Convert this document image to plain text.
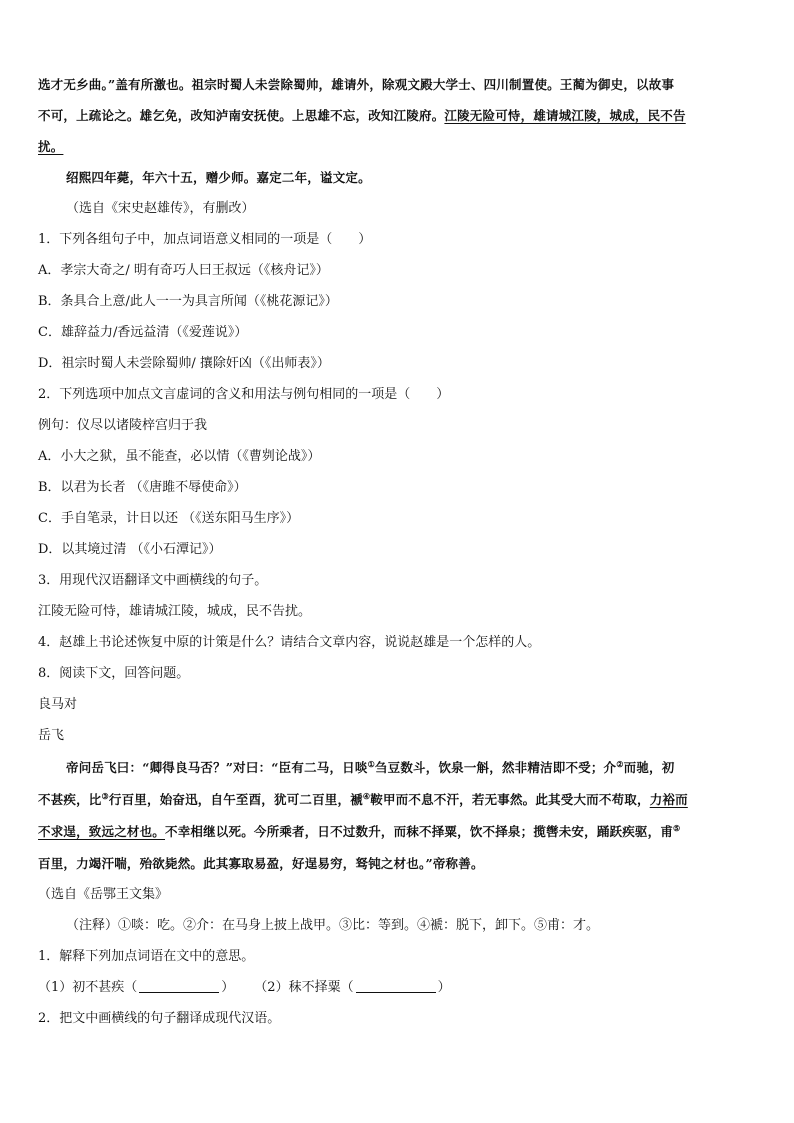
选才无乡曲。”盖有所激也。祖宗时蜀人未尝除蜀帅，雄请外，除观文殿大学士、四川制置使。王蔺为御史，以故事

不可，上疏论之。雄乞免，改知泸南安抚使。上思雄不忘，改知江陵府。江陵无险可恃，雄请城江陵，城成，民不告

扰。

绍熙四年薨，年六十五，赠少师。嘉定二年，谥文定。

（选自《宋史赵雄传》，有删改）

1．下列各组句子中，加点词语意义相同的一项是（　　）

A．孝宗大奇之/ 明有奇巧人曰王叔远（《核舟记》）

B．条具合上意/此人一一为具言所闻（《桃花源记》）

C．雄辞益力/香远益清（《爱莲说》）

D．祖宗时蜀人未尝除蜀帅/ 攘除奸凶（《出师表》）

2．下列选项中加点文言虚词的含义和用法与例句相同的一项是（　　）

例句：仪尽以诸陵梓宫归于我

A．小大之狱，虽不能查，必以情（《曹刿论战》）

B．以君为长者 （《唐雎不辱使命》）

C．手自笔录，计日以还 （《送东阳马生序》）

D．以其境过清 （《小石潭记》）

3．用现代汉语翻译文中画横线的句子。

江陵无险可恃，雄请城江陵，城成，民不告扰。

4．赵雄上书论述恢复中原的计策是什么？请结合文章内容，说说赵雄是一个怎样的人。

8．阅读下文，回答问题。

良马对

岳飞

帝问岳飞曰：“卿得良马否？”对曰：“臣有二马，日啖①刍豆数斗，饮泉一斛，然非精洁即不受；介②而驰，初

不甚疾，比③行百里，始奋迅，自午至酉，犹可二百里，褫④鞍甲而不息不汗，若无事然。此其受大而不苟取，力裕而

不求逞，致远之材也。不幸相继以死。今所乘者，日不过数升，而秣不择粟，饮不择泉；揽辔未安，踊跃疾驱，甫⑤

百里，力竭汗喘，殆欲毙然。此其寡取易盈，好逞易穷，驽钝之材也。”帝称善。

（选自《岳鄂王文集》

（注释）①啖：吃。②介：在马身上披上战甲。③比：等到。④褫：脱下，卸下。⑤甫：才。

1．解释下列加点词语在文中的意思。

（1）初不甚疾（	） （2）秣不择粟（	）

2．把文中画横线的句子翻译成现代汉语。
